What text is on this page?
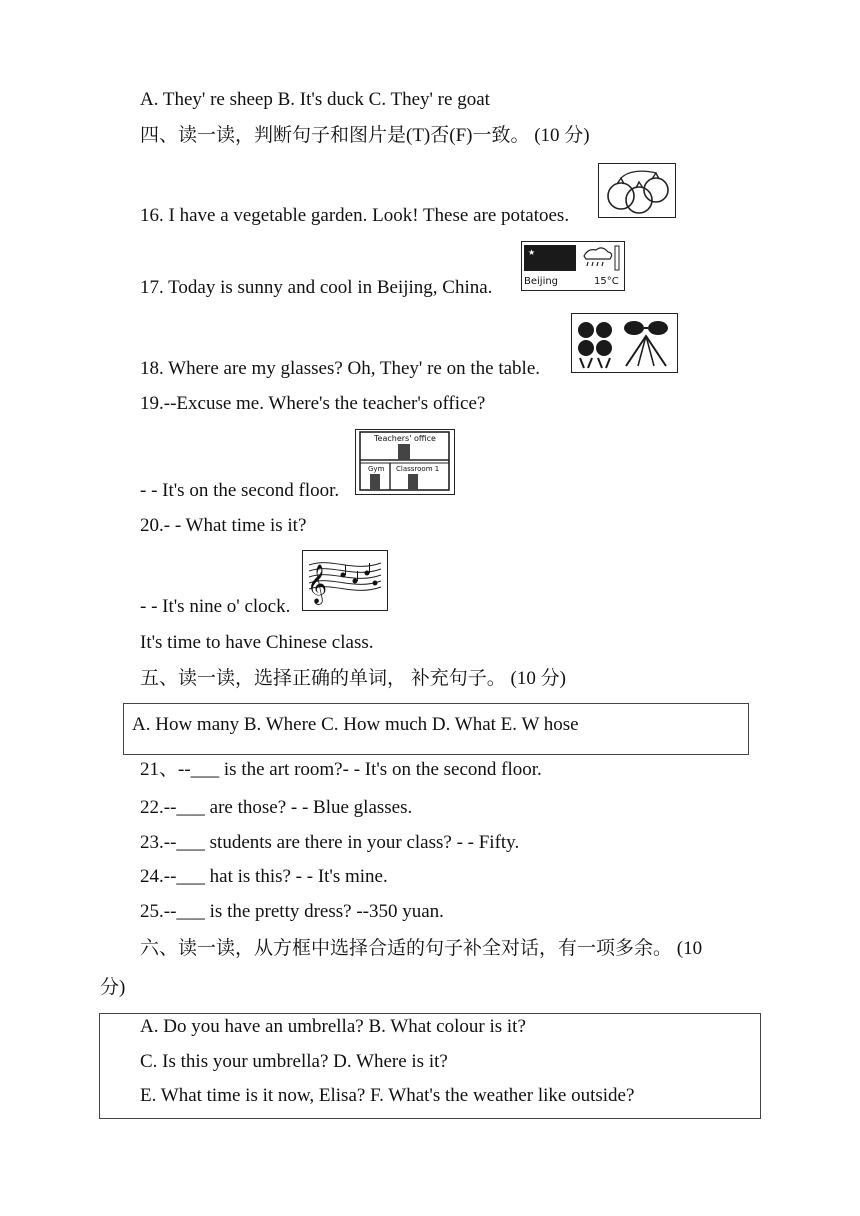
A. They' re sheep B. It's duck C. They' re goat
四、读一读，判断句子和图片是(T)否(F)一致。 (10 分)
16. I have a vegetable garden. Look! These are potatoes.
17. Today is sunny and cool in Beijing, China.
★
Beijing	15°C
18. Where are my glasses? Oh, They' re on the table.
19.--Excuse me. Where's the teacher's office?
- - It's on the second floor.
Teachers' office
Gym Classroom 1
20.- - What time is it?
- - It's nine o' clock.
𝄞
It's time to have Chinese class.
五、读一读，选择正确的单词， 补充句子。 (10 分)
A. How many B. Where C. How much D. What E. W hose
21、--___ is the art room?- - It's on the second floor.
22.--___ are those? - - Blue glasses.
23.--___ students are there in your class? - - Fifty.
24.--___ hat is this? - - It's mine.
25.--___ is the pretty dress? --350 yuan.
六、读一读，从方框中选择合适的句子补全对话，有一项多余。 (10
分)
A. Do you have an umbrella? B. What colour is it?
C. Is this your umbrella? D. Where is it?
E. What time is it now, Elisa? F. What's the weather like outside?
